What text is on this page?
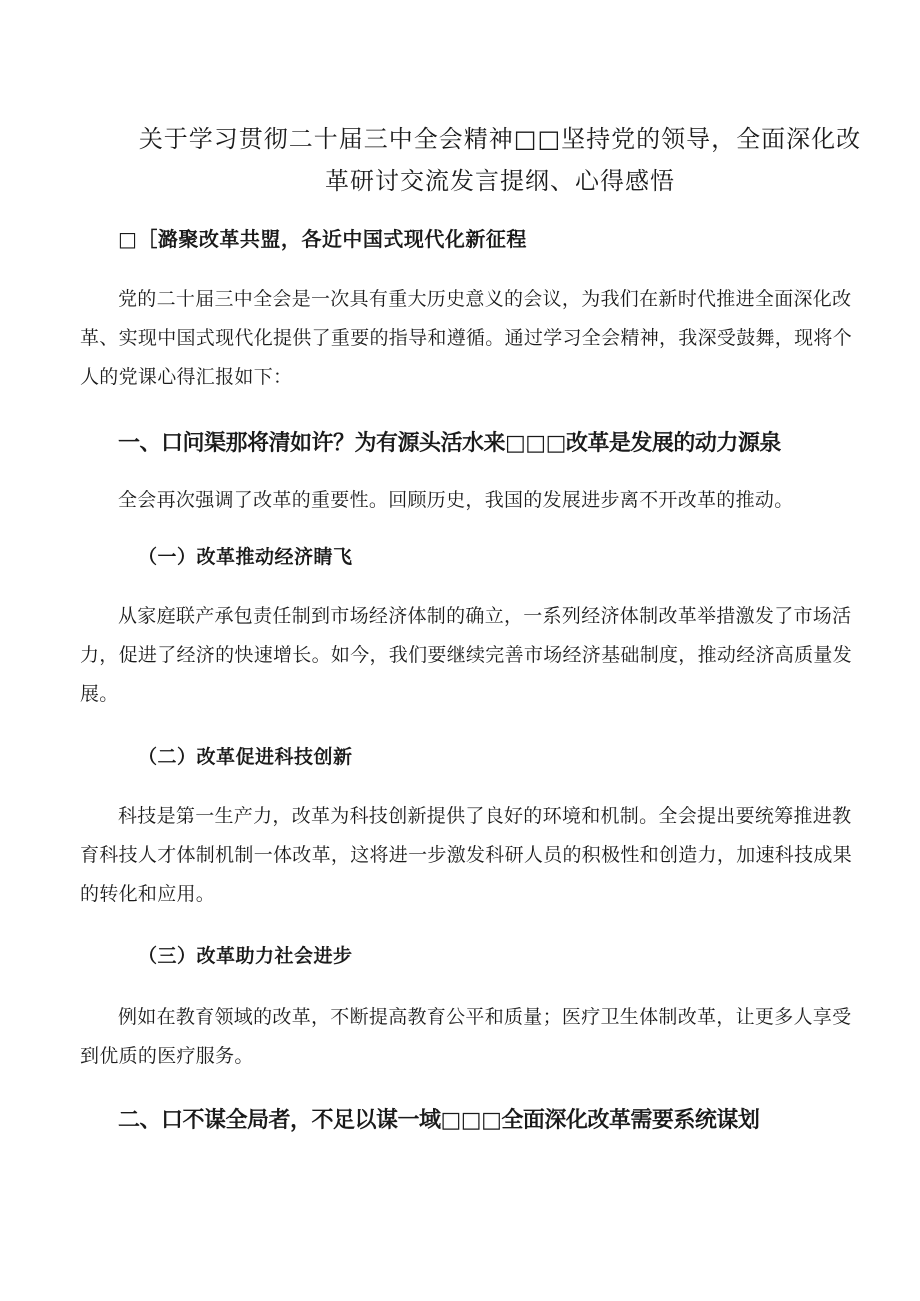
关于学习贯彻二十届三中全会精神□□坚持党的领导，全面深化改
革研讨交流发言提纲、心得感悟
□［潞聚改革共盟，各近中国式现代化新征程

党的二十届三中全会是一次具有重大历史意义的会议，为我们在新时代推进全面深化改革、实现中国式现代化提供了重要的指导和遵循。通过学习全会精神，我深受鼓舞，现将个人的党课心得汇报如下：

一、口问渠那将清如许？为有源头活水来□□□改革是发展的动力源泉

全会再次强调了改革的重要性。回顾历史，我国的发展进步离不开改革的推动。

（一）改革推动经济睛飞

从家庭联产承包责任制到市场经济体制的确立，一系列经济体制改革举措激发了市场活力，促进了经济的快速增长。如今，我们要继续完善市场经济基础制度，推动经济高质量发展。

（二）改革促进科技创新

科技是第一生产力，改革为科技创新提供了良好的环境和机制。全会提出要统筹推进教育科技人才体制机制一体改革，这将进一步激发科研人员的积极性和创造力，加速科技成果的转化和应用。

（三）改革助力社会进步

例如在教育领域的改革，不断提高教育公平和质量；医疗卫生体制改革，让更多人享受到优质的医疗服务。

二、口不谋全局者，不足以谋一域□□□全面深化改革需要系统谋划
